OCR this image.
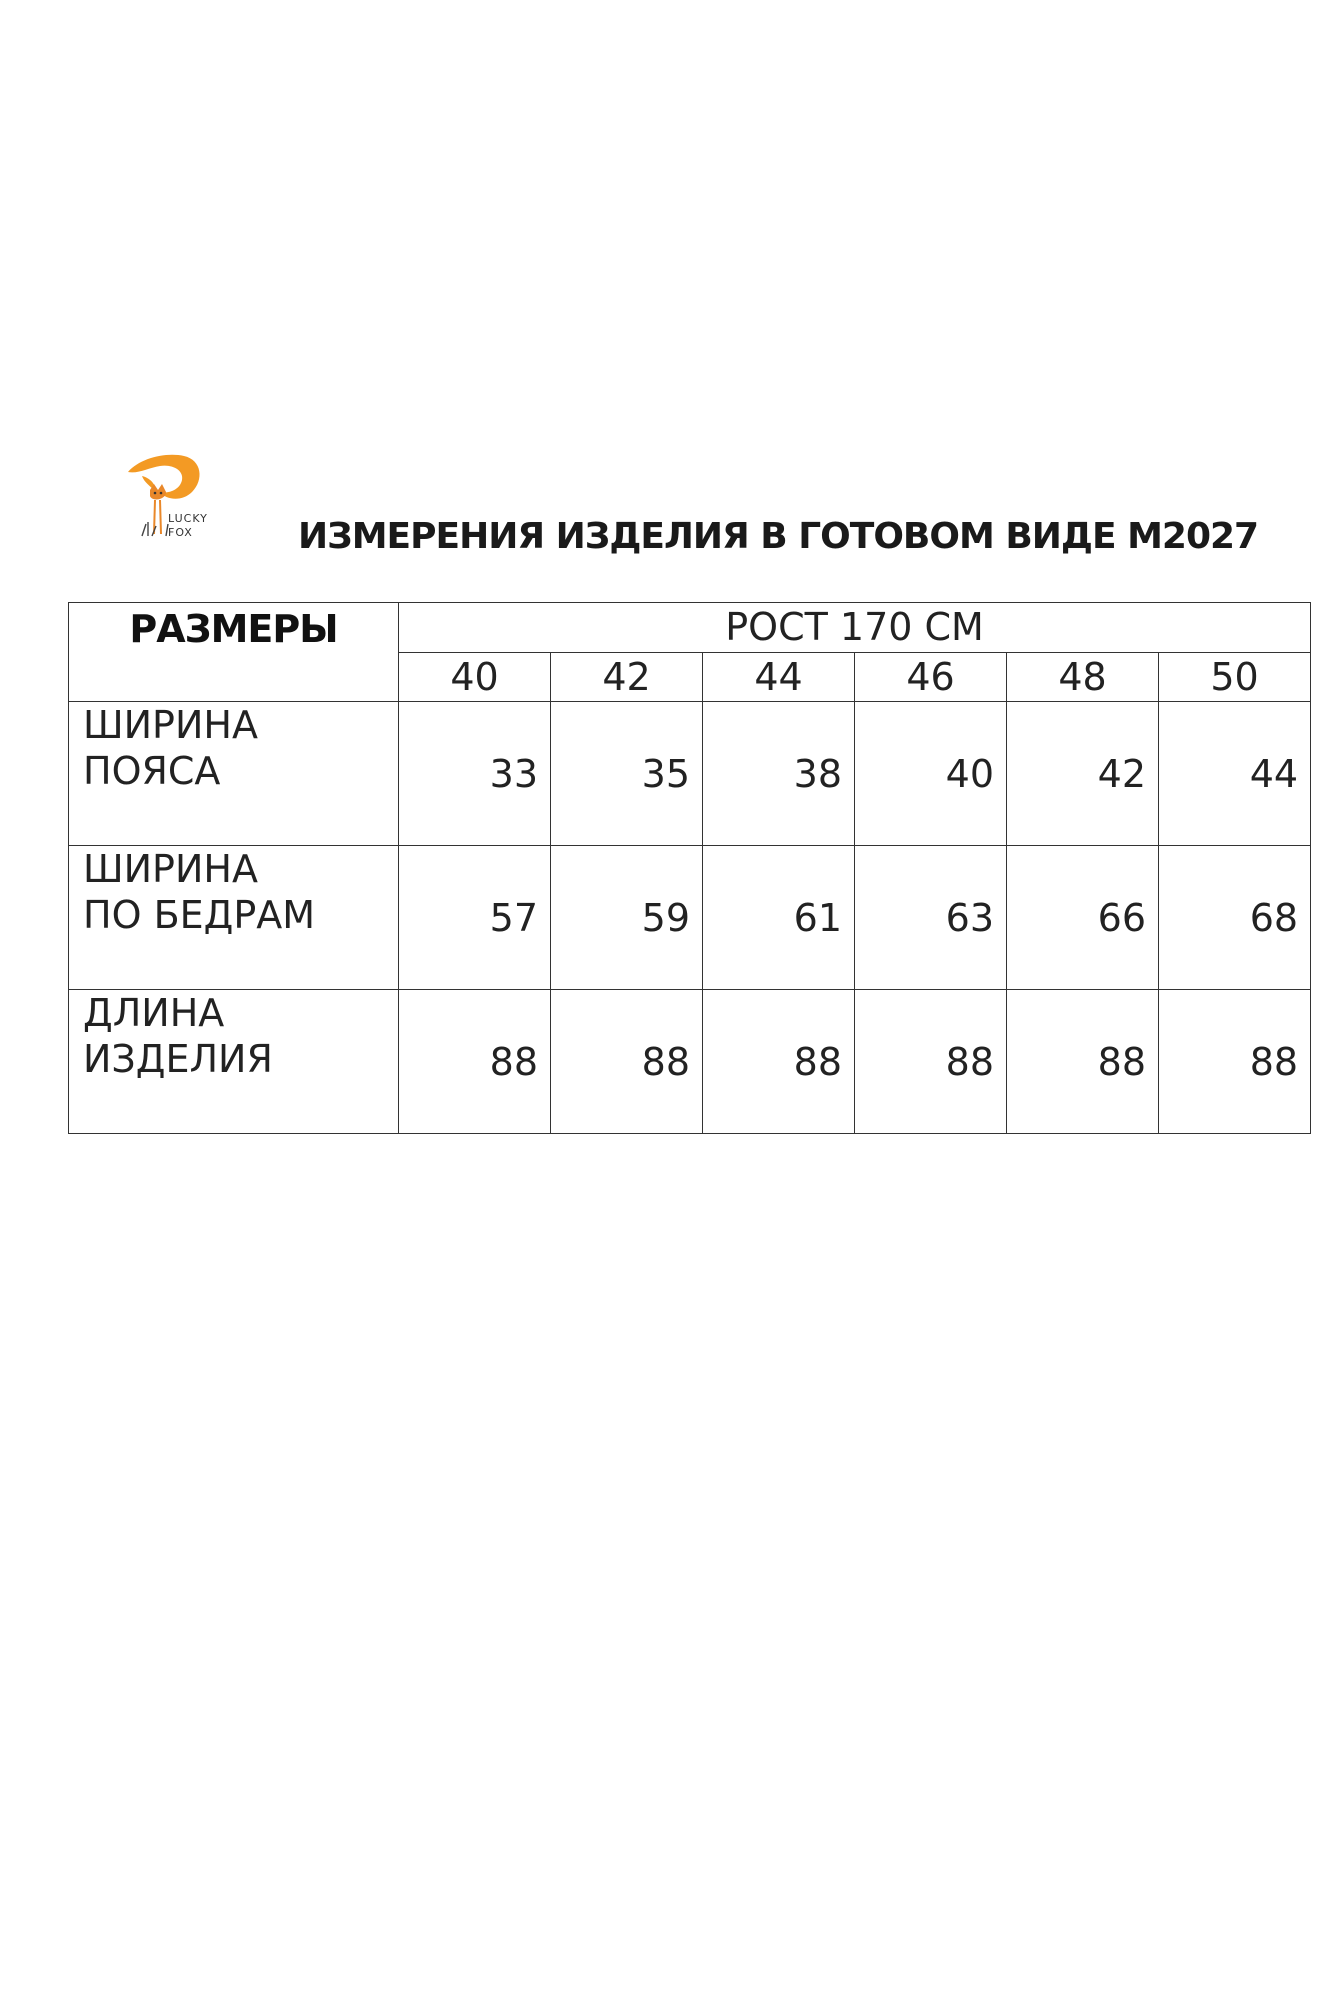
LUCKY
FOX	ИЗМЕРЕНИЯ ИЗДЕЛИЯ В ГОТОВОМ ВИДЕ М2027
РАЗМЕРЫ	РОСТ 170 СМ					
	40	42	44	46	48	50

ШИРИНА
ПОЯСА	33	35	38	40	42	44

ШИРИНА
ПО БЕДРАМ	57	59	61	63	66	68

ДЛИНА
ИЗДЕЛИЯ	88	88	88	88	88	88
